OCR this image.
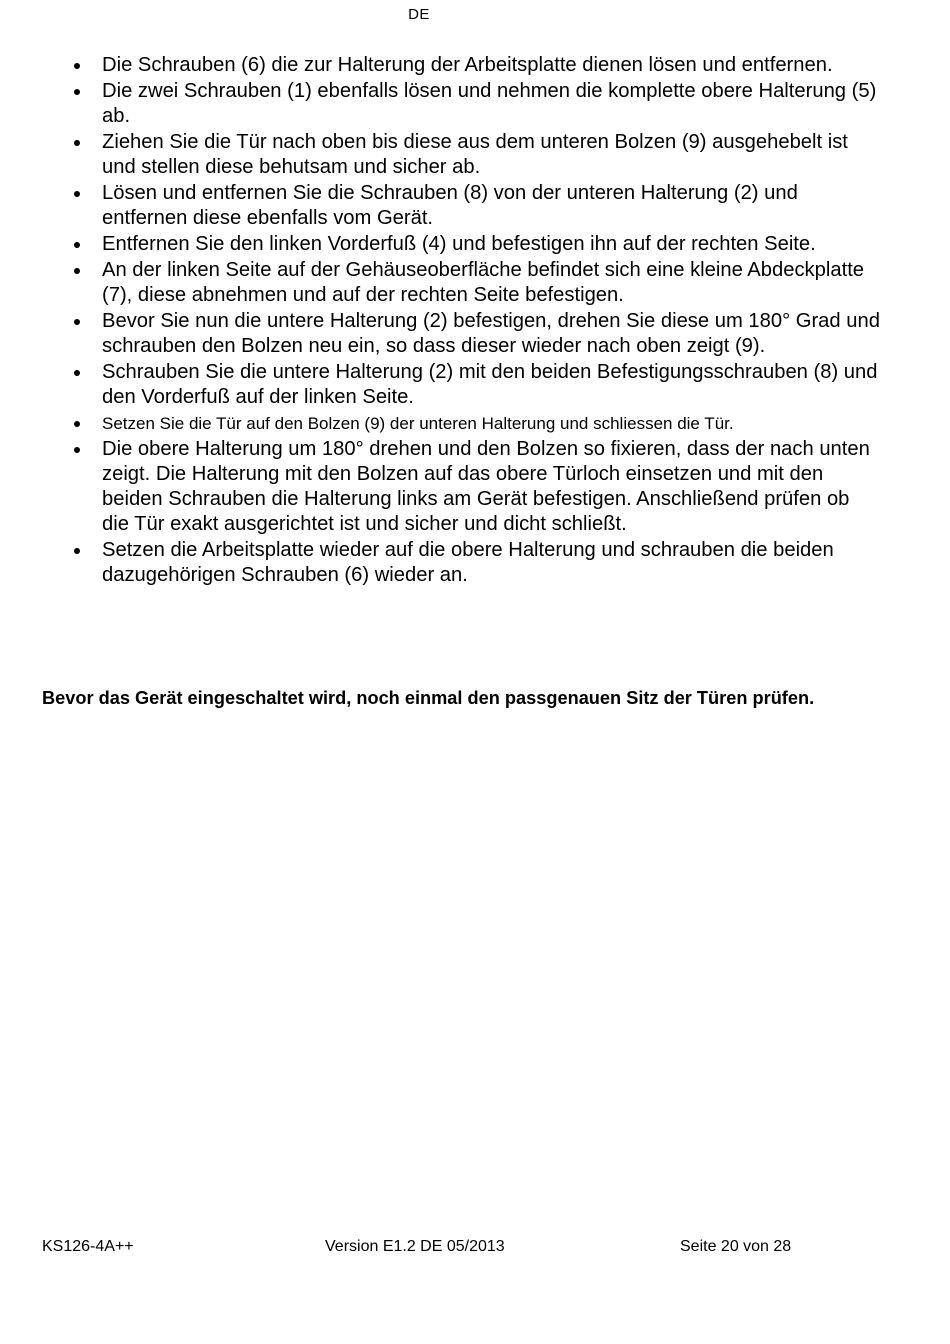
DE
Die Schrauben (6) die zur Halterung der Arbeitsplatte dienen lösen und entfernen.
Die zwei Schrauben (1) ebenfalls lösen und nehmen die komplette obere Halterung (5) ab.
Ziehen Sie die Tür nach oben bis diese aus dem unteren Bolzen (9) ausgehebelt ist und stellen diese behutsam und sicher ab.
Lösen und entfernen Sie die Schrauben (8) von der unteren Halterung (2) und entfernen diese ebenfalls vom Gerät.
Entfernen Sie den linken Vorderfuß (4) und befestigen ihn auf der rechten Seite.
An der linken Seite auf der Gehäuseoberfläche befindet sich eine kleine Abdeckplatte (7), diese abnehmen und auf der rechten Seite befestigen.
Bevor Sie nun die untere Halterung (2) befestigen, drehen Sie diese um 180° Grad und schrauben den Bolzen neu ein, so dass dieser wieder nach oben zeigt (9).
Schrauben Sie die untere Halterung (2) mit den beiden Befestigungsschrauben (8) und den Vorderfuß auf der linken Seite.
Setzen Sie die Tür auf den Bolzen (9) der unteren Halterung und schliessen die Tür.
Die obere Halterung um 180° drehen und den Bolzen so fixieren, dass der nach unten zeigt. Die Halterung mit den Bolzen auf das obere Türloch einsetzen und mit den beiden Schrauben die Halterung links am Gerät befestigen. Anschließend prüfen ob die Tür exakt ausgerichtet ist und sicher und dicht schließt.
Setzen die Arbeitsplatte wieder auf die obere Halterung und schrauben die beiden dazugehörigen Schrauben (6) wieder an.

Bevor das Gerät eingeschaltet wird, noch einmal den passgenauen Sitz der Türen prüfen.

KS126-4A++	Version E1.2 DE 05/2013	Seite 20 von 28
